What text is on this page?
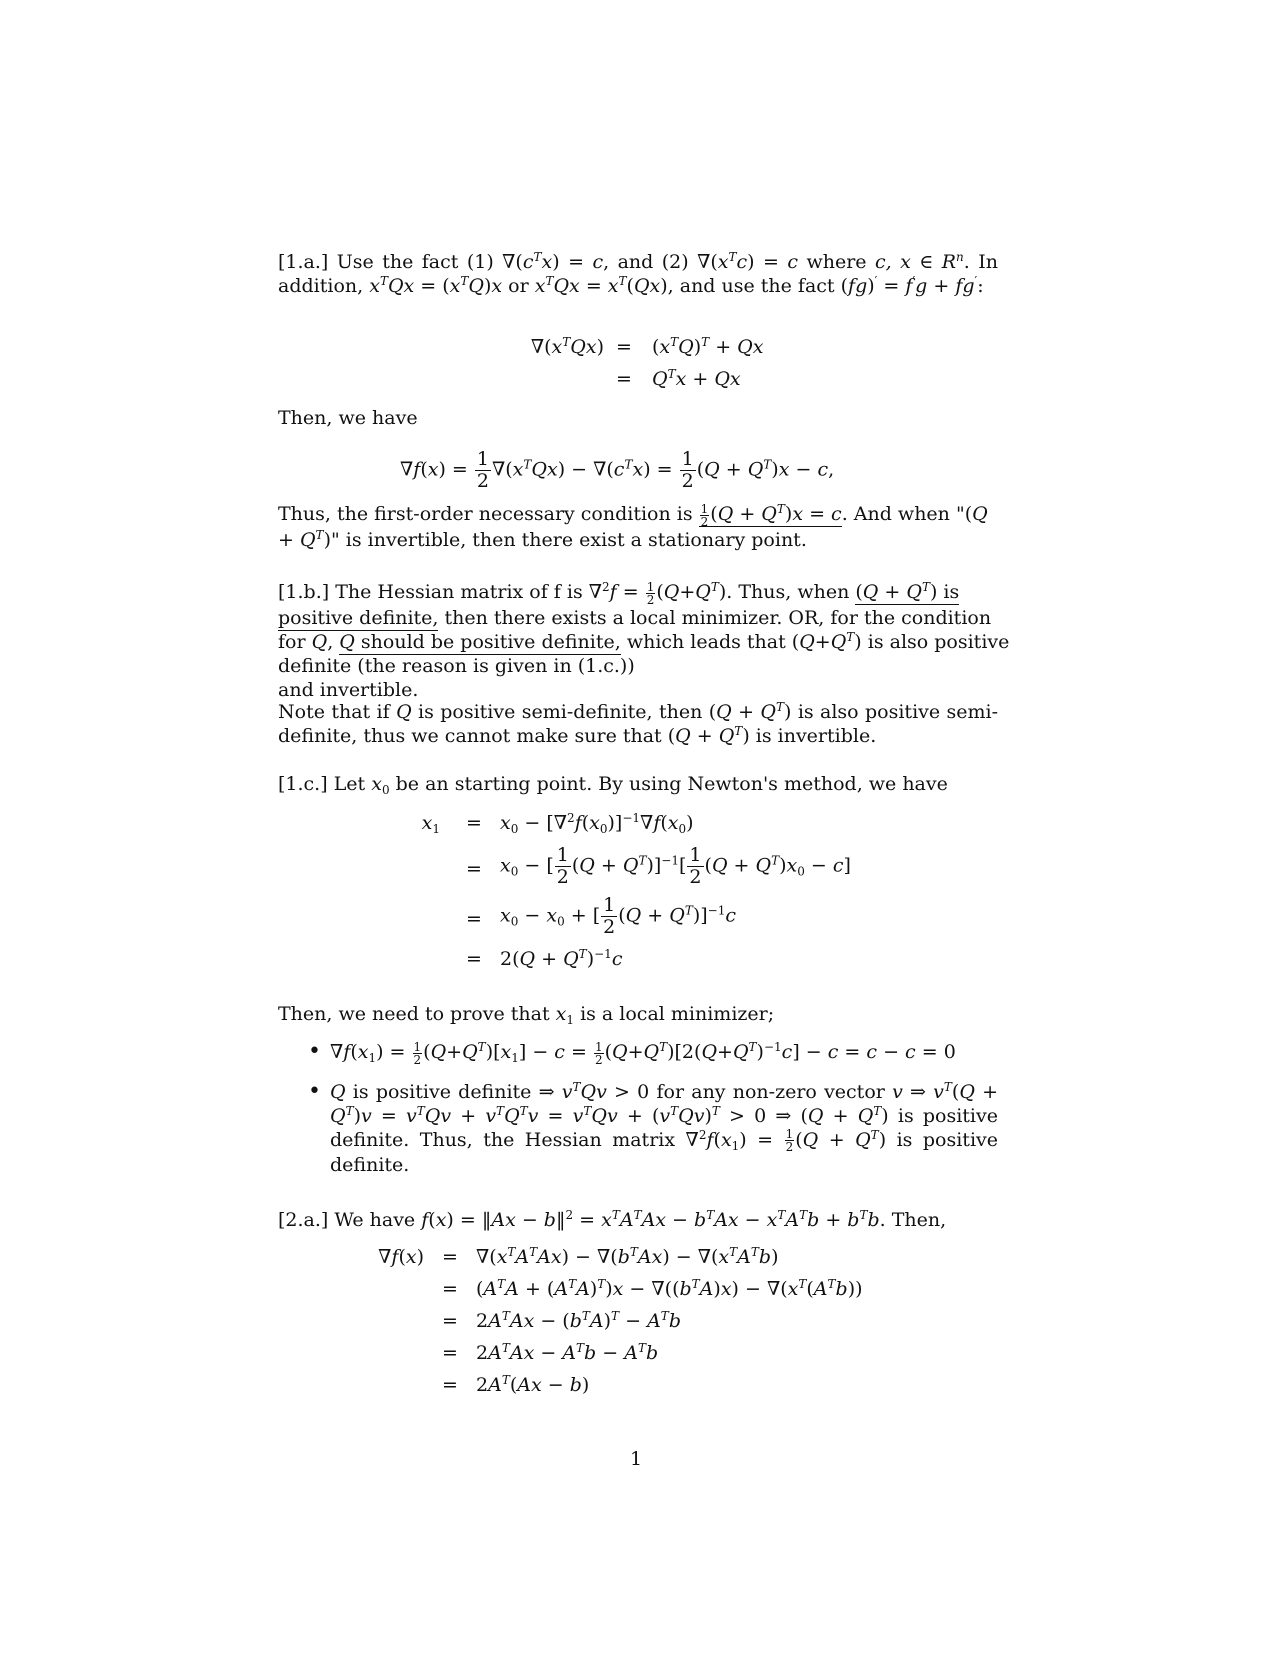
[1.a.] Use the fact (1) $\nabla(c^Tx) = c$, and (2) $\nabla(x^Tc) = c$ where c, x ∈ $R^n$. In addition, $x^TQx = (x^TQ)x$ or $x^TQx = x^T(Qx)$, and use the fact (fg)′ = f′g + fg′:
$\nabla(x^TQx) = (x^TQ)^T + Qx$
= $Q^Tx + Qx$
Then, we have
$\nabla f(x) = \frac{1}{2} \nabla(x^TQx) - \nabla(c^Tx) = \frac{1}{2} (Q + Q^T)x - c$,
Thus, the first-order necessary condition is $\frac{1}{2} (Q + Q^T)x = c$. And when "$(Q + Q^T)$" is invertible, then there exist a stationary point.
[1.b.] The Hessian matrix of f is $\nabla^2f = \frac{1}{2} (Q+Q^T)$. Thus, when $(Q + Q^T)$ is positive definite, then there exists a local minimizer. OR, for the condition for Q, Q should be positive definite, which leads that $(Q+Q^T)$ is also positive definite (the reason is given in (1.c.))
and invertible.
Note that if Q is positive semi-definite, then $(Q + Q^T)$ is also positive semi-definite, thus we cannot make sure that $(Q + Q^T)$ is invertible.
[1.c.] Let $x_0$ be an starting point. By using Newton's method, we have
$x_1 = x_0 - [\nabla^2f(x_0)]^{-1}\nabla f(x_0)$
= $x_0$ − [ $\frac{1}{2} (Q + Q^T)]^{-1}[ \frac{1}{2} (Q + Q^T)x_0 - c]$
= $x_0 - x_0$ + [ $\frac{1}{2} (Q + Q^T)]^{-1}c$
= $2(Q + Q^T)^{-1}c$
Then, we need to prove that $x_1$ is a local minimizer;
• $\nabla f(x_1) = \frac{1}{2} (Q+Q^T)[x_1] - c = \frac{1}{2} (Q+Q^T)[2(Q+Q^T)^{-1}c] - c = c - c = 0$
• Q is positive definite ⇒ $v^TQv > 0$ for any non-zero vector v ⇒ $v^T(Q + Q^T)v = v^TQv + v^TQ^Tv = v^TQv + (v^TQv)^T > 0$ ⇒ $(Q + Q^T)$ is positive definite. Thus, the Hessian matrix $\nabla^2f(x_1) = \frac{1}{2} (Q + Q^T)$ is positive definite.
[2.a.] We have f(x) = ‖Ax − b‖$^2$ = $x^TA^TAx - b^TAx - x^TA^Tb + b^Tb$. Then,
$\nabla f(x) = \nabla(x^TA^TAx) - \nabla(b^TAx) - \nabla(x^TA^Tb)$
= $(A^TA + (A^TA)^T)x - \nabla((b^TA)x) - \nabla(x^T(A^Tb))$
= $2A^TAx - (b^TA)^T - A^Tb$
= $2A^TAx - A^Tb - A^Tb$
= $2A^T(Ax - b)$
1
